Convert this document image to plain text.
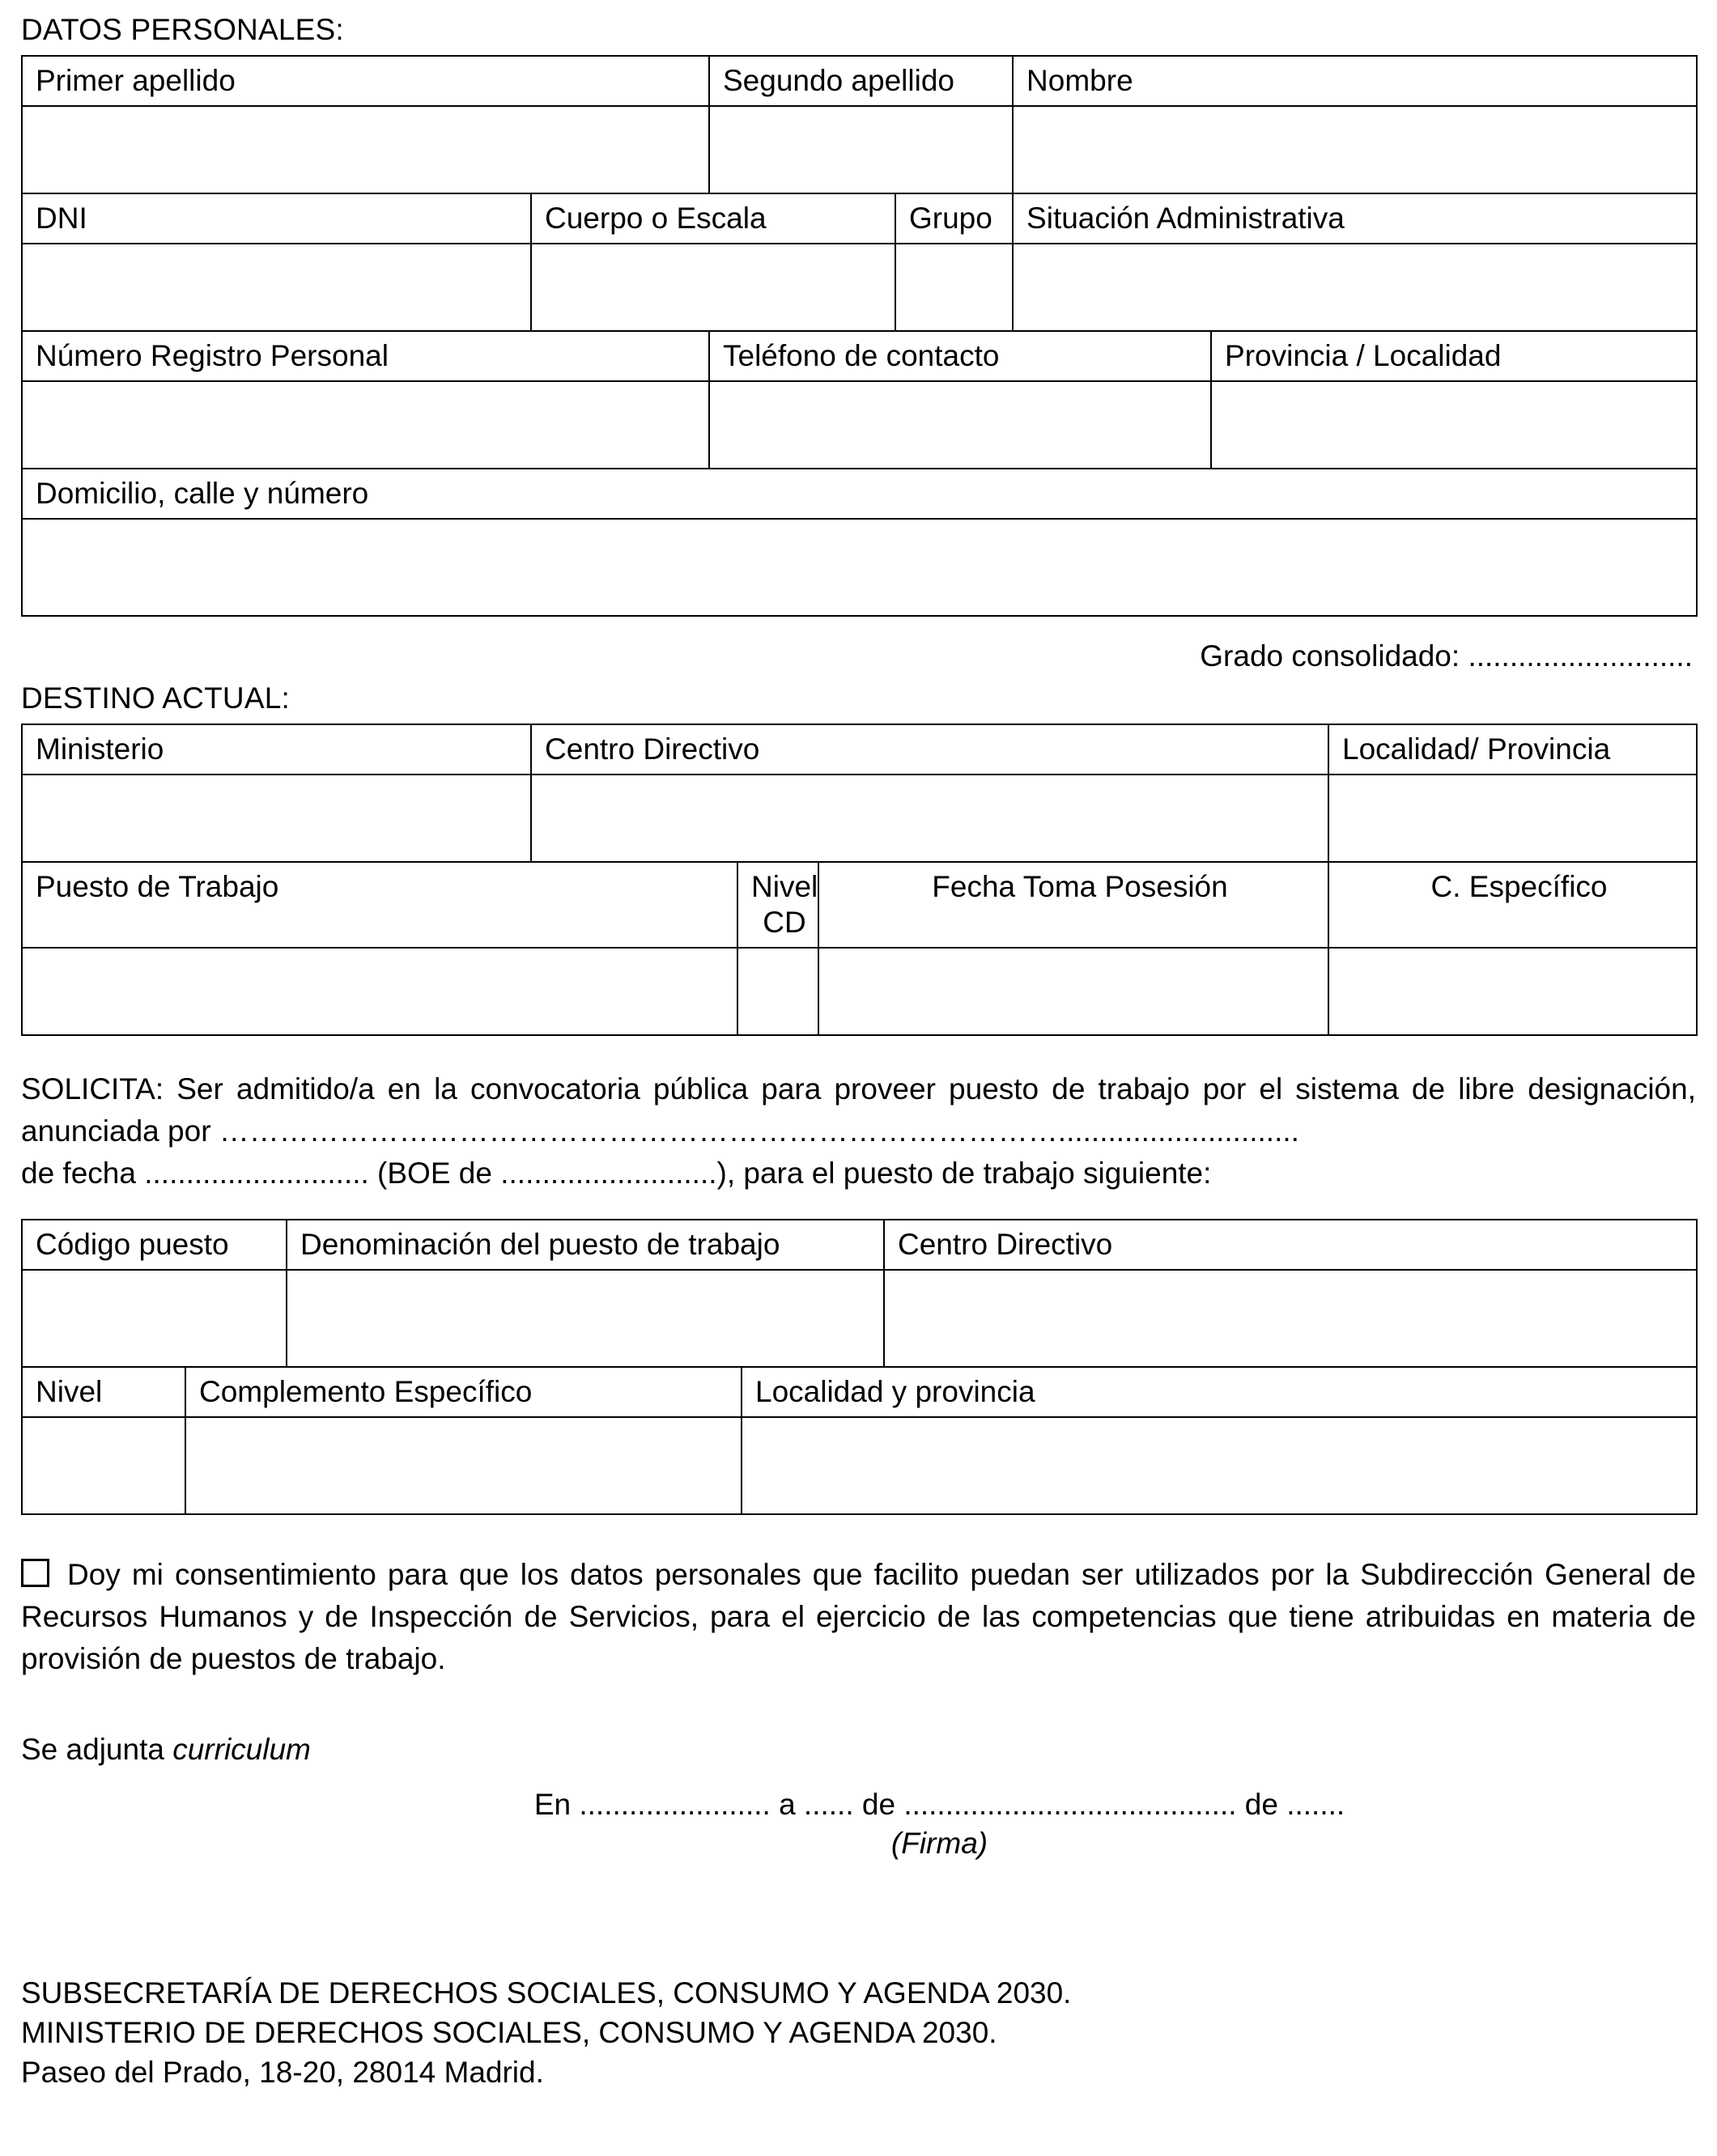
DATOS PERSONALES:
Primer apellido		Segundo apellido		Nombre	

DNI	Cuerpo o Escala		Grupo	Situación Administrativa	

Número Registro Personal		Teléfono de contacto			Provincia / Localidad

Domicilio, calle y número					

Grado consolidado: ...........................
DESTINO ACTUAL:
Ministerio	Centro Directivo			Localidad/ Provincia

Puesto de Trabajo		Nivel CD	Fecha Toma Posesión	C. Específico

SOLICITA: Ser admitido/a en la convocatoria pública para proveer puesto de trabajo por el sistema de libre designación, anunciada por ………………………………………………………………………….............................
de fecha ........................... (BOE de ..........................), para el puesto de trabajo siguiente:
Código puesto		Denominación del puesto de trabajo		Centro Directivo

Nivel	Complemento Específico		Localidad y provincia	

Doy mi consentimiento para que los datos personales que facilito puedan ser utilizados por la Subdirección General de Recursos Humanos y de Inspección de Servicios, para el ejercicio de las competencias que tiene atribuidas en materia de provisión de puestos de trabajo.
Se adjunta curriculum
En ....................... a ...... de ........................................ de .......
(Firma)
SUBSECRETARÍA DE DERECHOS SOCIALES, CONSUMO Y AGENDA 2030.
MINISTERIO DE DERECHOS SOCIALES, CONSUMO Y AGENDA 2030.
Paseo del Prado, 18-20, 28014 Madrid.
